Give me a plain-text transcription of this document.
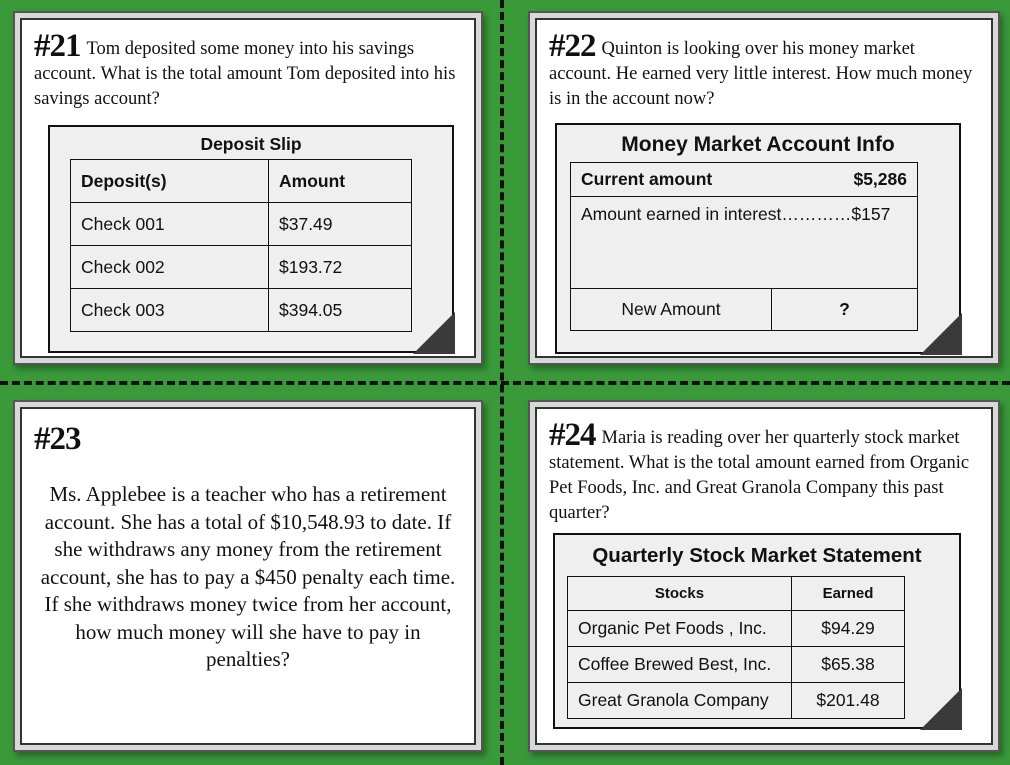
#21 Tom deposited some money into his savings account. What is the total amount Tom deposited into his savings account?
Deposit Slip
Deposit(s)	Amount
Check 001	$37.49
Check 002	$193.72
Check 003	$394.05
#22 Quinton is looking over his money market account. He earned very little interest. How much money is in the account now?
Money Market Account Info
Current amount	$5,286

Amount earned in interest…………$157
New Amount	?
#23
Ms. Applebee is a teacher who has a retirement account. She has a total of $10,548.93 to date. If she withdraws any money from the retirement account, she has to pay a $450 penalty each time. If she withdraws money twice from her account, how much money will she have to pay in penalties?
#24 Maria is reading over her quarterly stock market statement. What is the total amount earned from Organic Pet Foods, Inc. and Great Granola Company this past quarter?
Quarterly Stock Market Statement
Stocks	Earned
Organic Pet Foods , Inc.	$94.29
Coffee Brewed Best, Inc.	$65.38
Great Granola Company	$201.48
